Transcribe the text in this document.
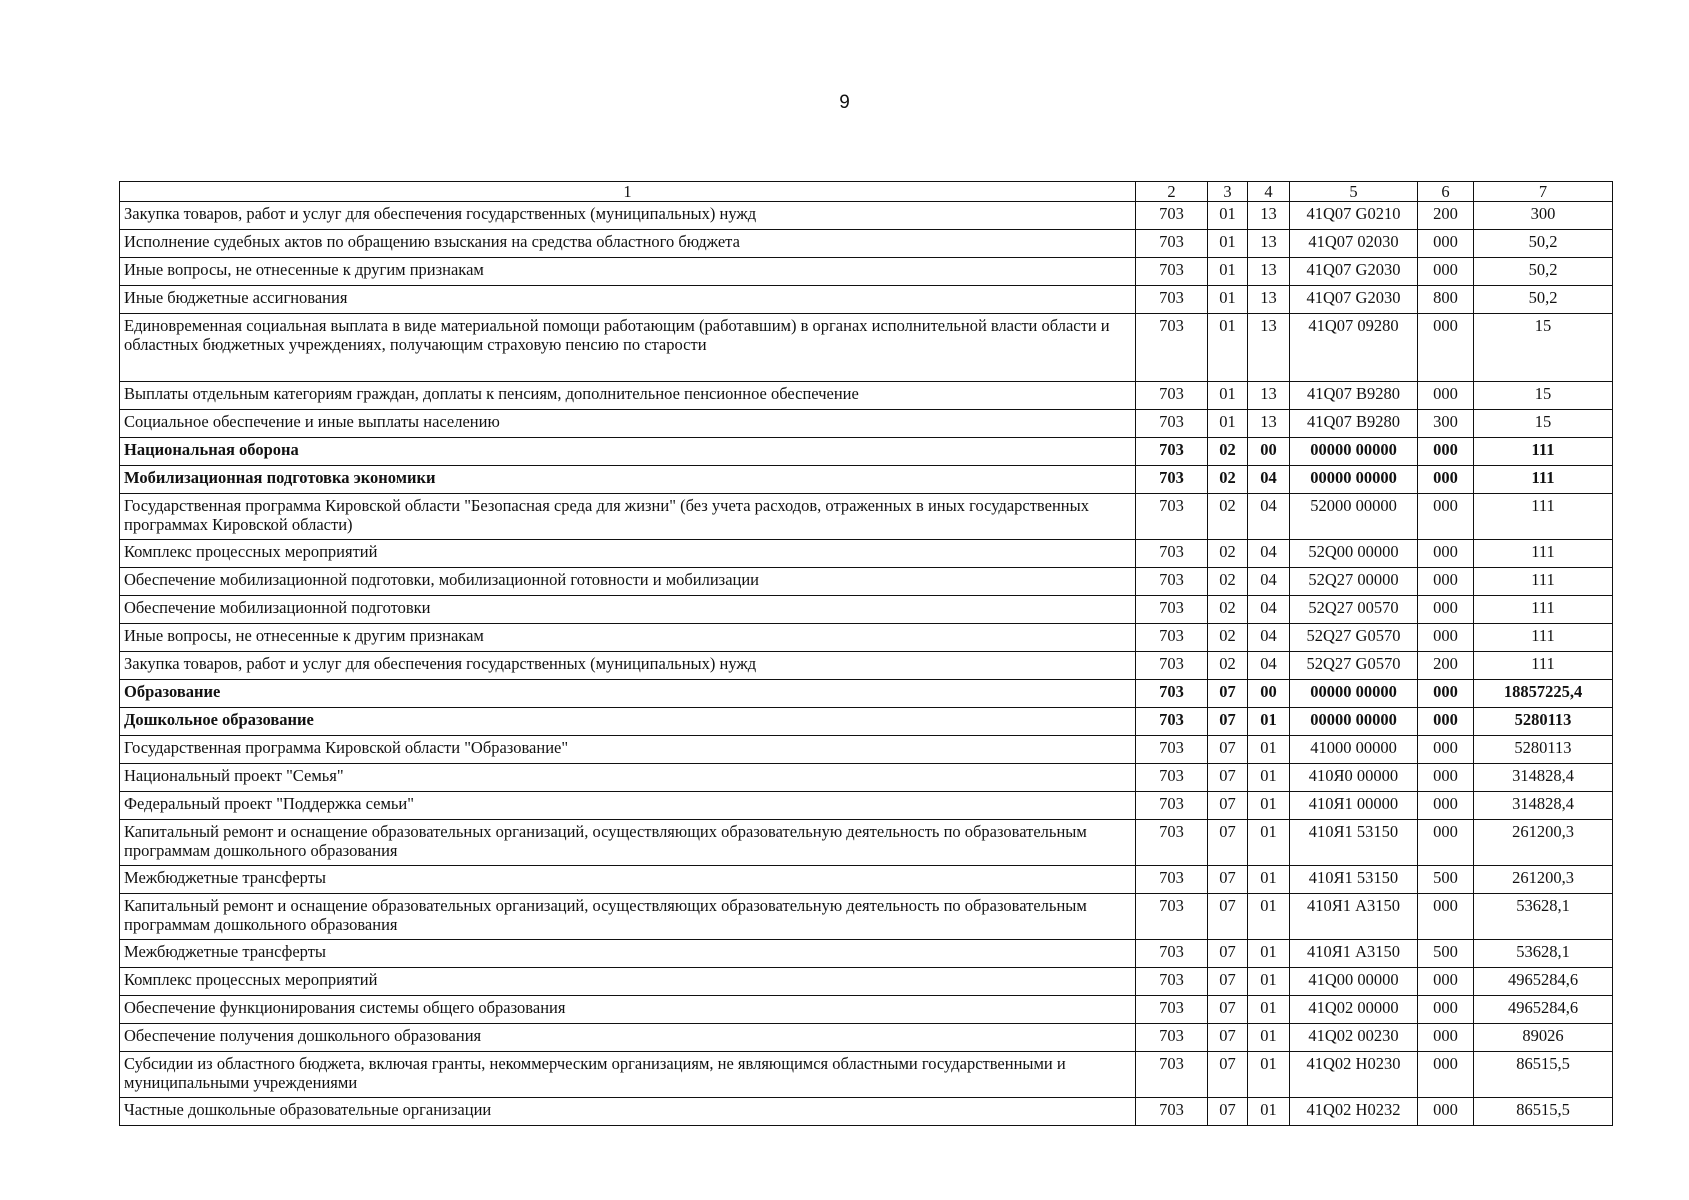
9
1	2	3	4	5	6	7
Закупка товаров, работ и услуг для обеспечения государственных (муниципальных) нужд	703	01	13	41Q07 G0210	200	300
Исполнение судебных актов по обращению взыскания на средства областного бюджета	703	01	13	41Q07 02030	000	50,2
Иные вопросы, не отнесенные к другим признакам	703	01	13	41Q07 G2030	000	50,2
Иные бюджетные ассигнования	703	01	13	41Q07 G2030	800	50,2
Единовременная социальная выплата в виде материальной помощи работающим (работавшим) в органах исполнительной власти области и областных бюджетных учреждениях, получающим страховую пенсию по старости	703	01	13	41Q07 09280	000	15
Выплаты отдельным категориям граждан, доплаты к пенсиям, дополнительное пенсионное обеспечение	703	01	13	41Q07 B9280	000	15
Социальное обеспечение и иные выплаты населению	703	01	13	41Q07 B9280	300	15
Национальная оборона	703	02	00	00000 00000	000	111
Мобилизационная подготовка экономики	703	02	04	00000 00000	000	111
Государственная программа Кировской области "Безопасная среда для жизни" (без учета расходов, отраженных в иных государственных программах Кировской области)	703	02	04	52000 00000	000	111
Комплекс процессных мероприятий	703	02	04	52Q00 00000	000	111
Обеспечение мобилизационной подготовки, мобилизационной готовности и мобилизации	703	02	04	52Q27 00000	000	111
Обеспечение мобилизационной подготовки	703	02	04	52Q27 00570	000	111
Иные вопросы, не отнесенные к другим признакам	703	02	04	52Q27 G0570	000	111
Закупка товаров, работ и услуг для обеспечения государственных (муниципальных) нужд	703	02	04	52Q27 G0570	200	111
Образование	703	07	00	00000 00000	000	18857225,4
Дошкольное образование	703	07	01	00000 00000	000	5280113
Государственная программа Кировской области "Образование"	703	07	01	41000 00000	000	5280113
Национальный проект "Семья"	703	07	01	410Я0 00000	000	314828,4
Федеральный проект "Поддержка семьи"	703	07	01	410Я1 00000	000	314828,4
Капитальный ремонт и оснащение образовательных организаций, осуществляющих образовательную деятельность по образовательным программам дошкольного образования	703	07	01	410Я1 53150	000	261200,3
Межбюджетные трансферты	703	07	01	410Я1 53150	500	261200,3
Капитальный ремонт и оснащение образовательных организаций, осуществляющих образовательную деятельность по образовательным программам дошкольного образования	703	07	01	410Я1 A3150	000	53628,1
Межбюджетные трансферты	703	07	01	410Я1 A3150	500	53628,1
Комплекс процессных мероприятий	703	07	01	41Q00 00000	000	4965284,6
Обеспечение функционирования системы общего образования	703	07	01	41Q02 00000	000	4965284,6
Обеспечение получения дошкольного образования	703	07	01	41Q02 00230	000	89026
Субсидии из областного бюджета, включая гранты, некоммерческим организациям, не являющимся областными государственными и муниципальными учреждениями	703	07	01	41Q02 H0230	000	86515,5
Частные дошкольные образовательные организации	703	07	01	41Q02 H0232	000	86515,5
